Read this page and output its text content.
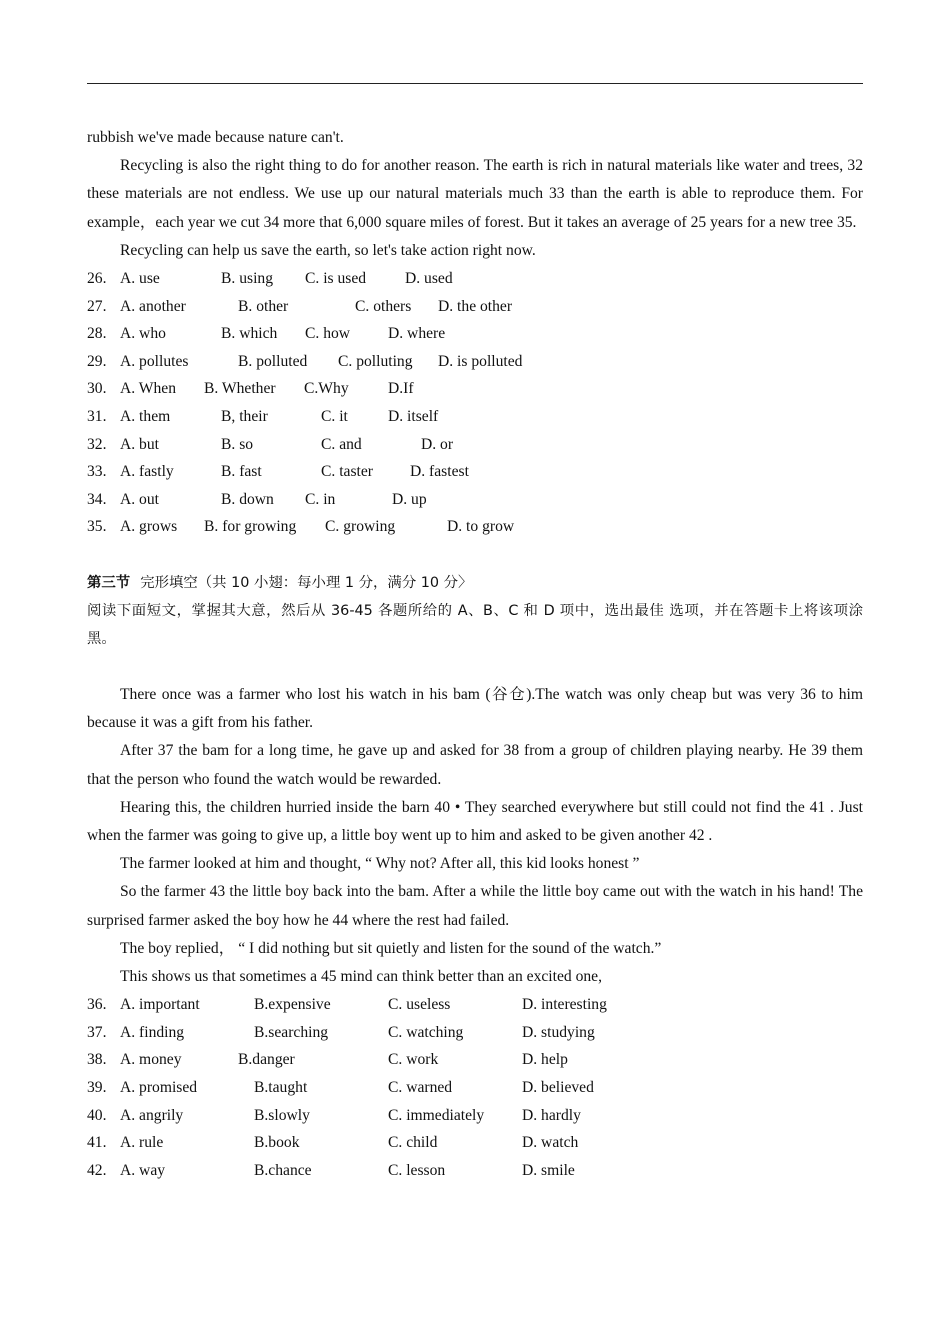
rubbish we've made because nature can't.

Recycling is also the right thing to do for another reason. The earth is rich in natural materials like water and trees, 32 these materials are not endless. We use up our natural materials much 33 than the earth is able to reproduce them. For example，each year we cut 34 more that 6,000 square miles of forest. But it takes an average of 25 years for a new tree 35.

Recycling can help us save the earth, so let's take action right now.

26. A. use	B. using C. is used D. used
27. A. another	B. other	C. others D. the other
28. A. who	B. which C. how D. where
29. A. pollutes	B. polluted C. polluting D. is polluted
30. A. When B. Whether C.Why	D.If
31. A. them	B, their	C. it	D. itself
32. A. but	B. so	C. and	D. or
33. A. fastly	B. fast	C. taster D. fastest
34. A. out	B. down C. in	D. up
35. A. grows B. for growing C. growing	D. to grow
第三节 完形填空（共 10 小翅：每小理 1 分，满分 10 分〉

阅读下面短文，掌握其大意，然后从 36-45 各题所给的 A、B、C 和 D 项中，选出最佳 选项，并在答题卡上将该项涂黑。

There once was a farmer who lost his watch in his bam (谷仓).The watch was only cheap but was very 36 to him because it was a gift from his father.

After 37 the bam for a long time, he gave up and asked for 38 from a group of children playing nearby. He 39 them that the person who found the watch would be rewarded.

Hearing this, the children hurried inside the barn 40 • They searched everywhere but still could not find the 41 . Just when the farmer was going to give up, a little boy went up to him and asked to be given another 42 .

The farmer looked at him and thought, “ Why not? After all, this kid looks honest ”

So the farmer 43 the little boy back into the bam. After a while the little boy came out with the watch in his hand! The surprised farmer asked the boy how he 44 where the rest had failed.

The boy replied， “ I did nothing but sit quietly and listen for the sound of the watch.”

This shows us that sometimes a 45 mind can think better than an excited one,

36. A. important	B.expensive	C. useless	D. interesting
37. A. finding	B.searching	C. watching	D. studying
38. A. money	B.danger	C. work	D. help
39. A. promised	B.taught	C. warned	D. believed
40. A. angrily	B.slowly	C. immediately D. hardly
41. A. rule	B.book	C. child	D. watch
42. A. way	B.chance	C. lesson	D. smile
